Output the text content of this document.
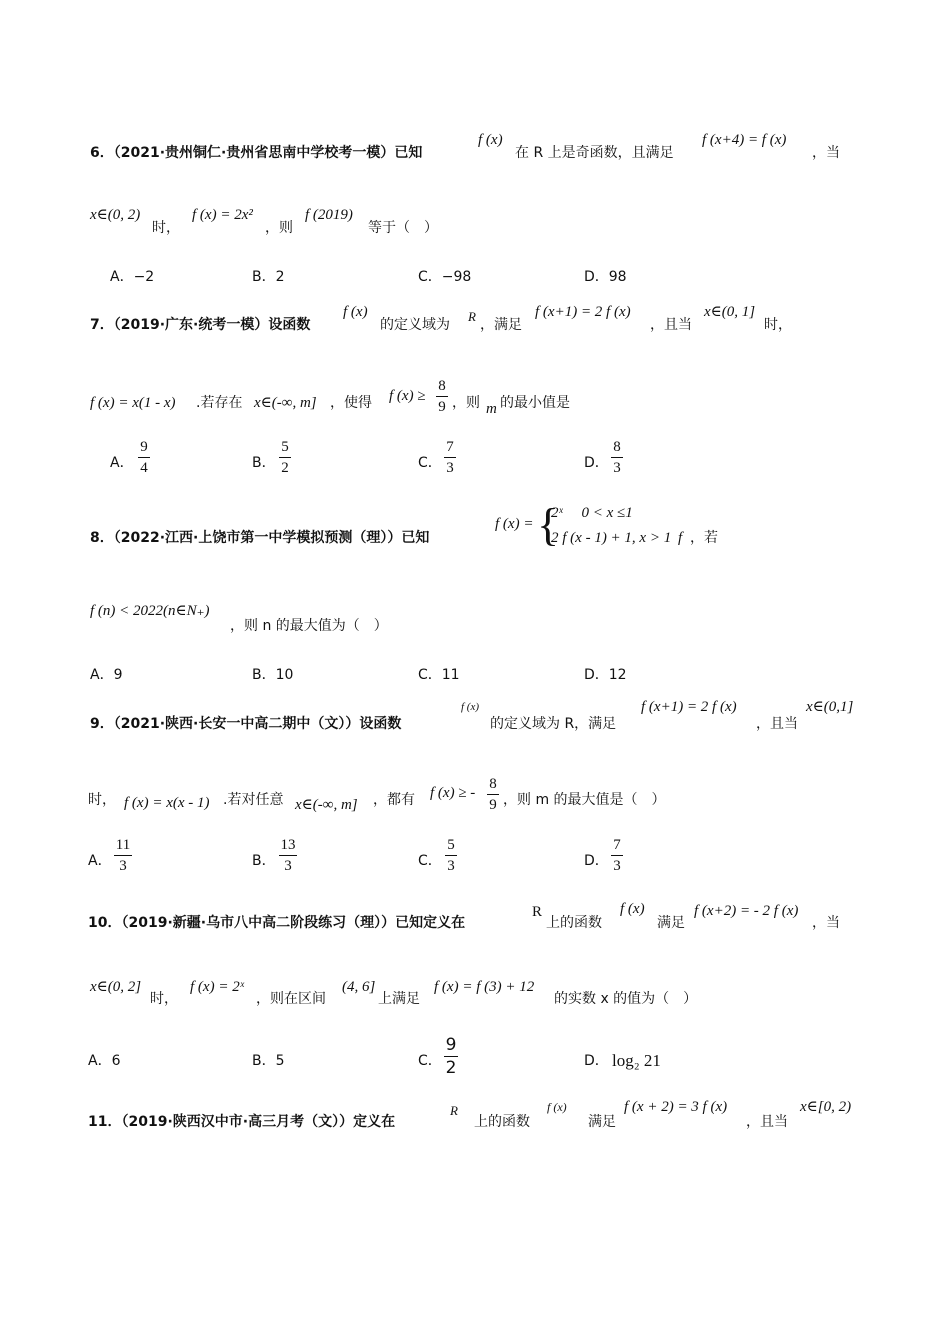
6．（2021·贵州铜仁·贵州省思南中学校考一模）已知
f (x)
在 R 上是奇函数，且满足
f (x+4) = f (x)
，当
x∈(0, 2)
时，
f (x) = 2x²
，则
f (2019)
等于（　）
A．−2	B．2	C．−98	D．98
7．（2019·广东·统考一模）设函数
f (x)
的定义域为
R
，满足
f (x+1) = 2 f (x)
，且当
x∈(0, 1]
时，
f (x) = x(1 - x) .若存在 x∈(-∞, m] ，使得 f (x) ≥
8
9 ，则 m 的最小值是
A．
9
4	B．
5
2	C．
7
3	D．
8
3
8．（2022·江西·上饶市第一中学模拟预测（理））已知
f (x) = {
2ˣ　 0 < x ≤1
2 f (x - 1) + 1, x > 1 f ，若
f (n) < 2022(n∈N₊)
，则 n 的最大值为（　）
A．9	B．10	C．11	D．12
9．（2021·陕西·长安一中高二期中（文））设函数
f (x)
的定义域为 R，满足
f (x+1) = 2 f (x)
，且当
x∈(0,1]
时， f (x) = x(x - 1) .若对任意 x∈(-∞, m] ，都有 f (x) ≥ -
8
9 ，则 m 的最大值是（　）
A．
11
3	B．
13
3	C．
5
3	D．
7
3
10．（2019·新疆·乌市八中高二阶段练习（理））已知定义在
R
上的函数
f (x)
满足
f (x+2) = - 2 f (x)
，当
x∈(0, 2]
时，
f (x) = 2ˣ
，则在区间
(4, 6]
上满足
f (x) = f (3) + 12
的实数 x 的值为（　）
A．6	B．5	C．
9
2	D． log₂ 21
11．（2019·陕西汉中市·高三月考（文））定义在
R
上的函数
f (x)
满足
f (x + 2) = 3 f (x)
，且当
x∈[0, 2)
